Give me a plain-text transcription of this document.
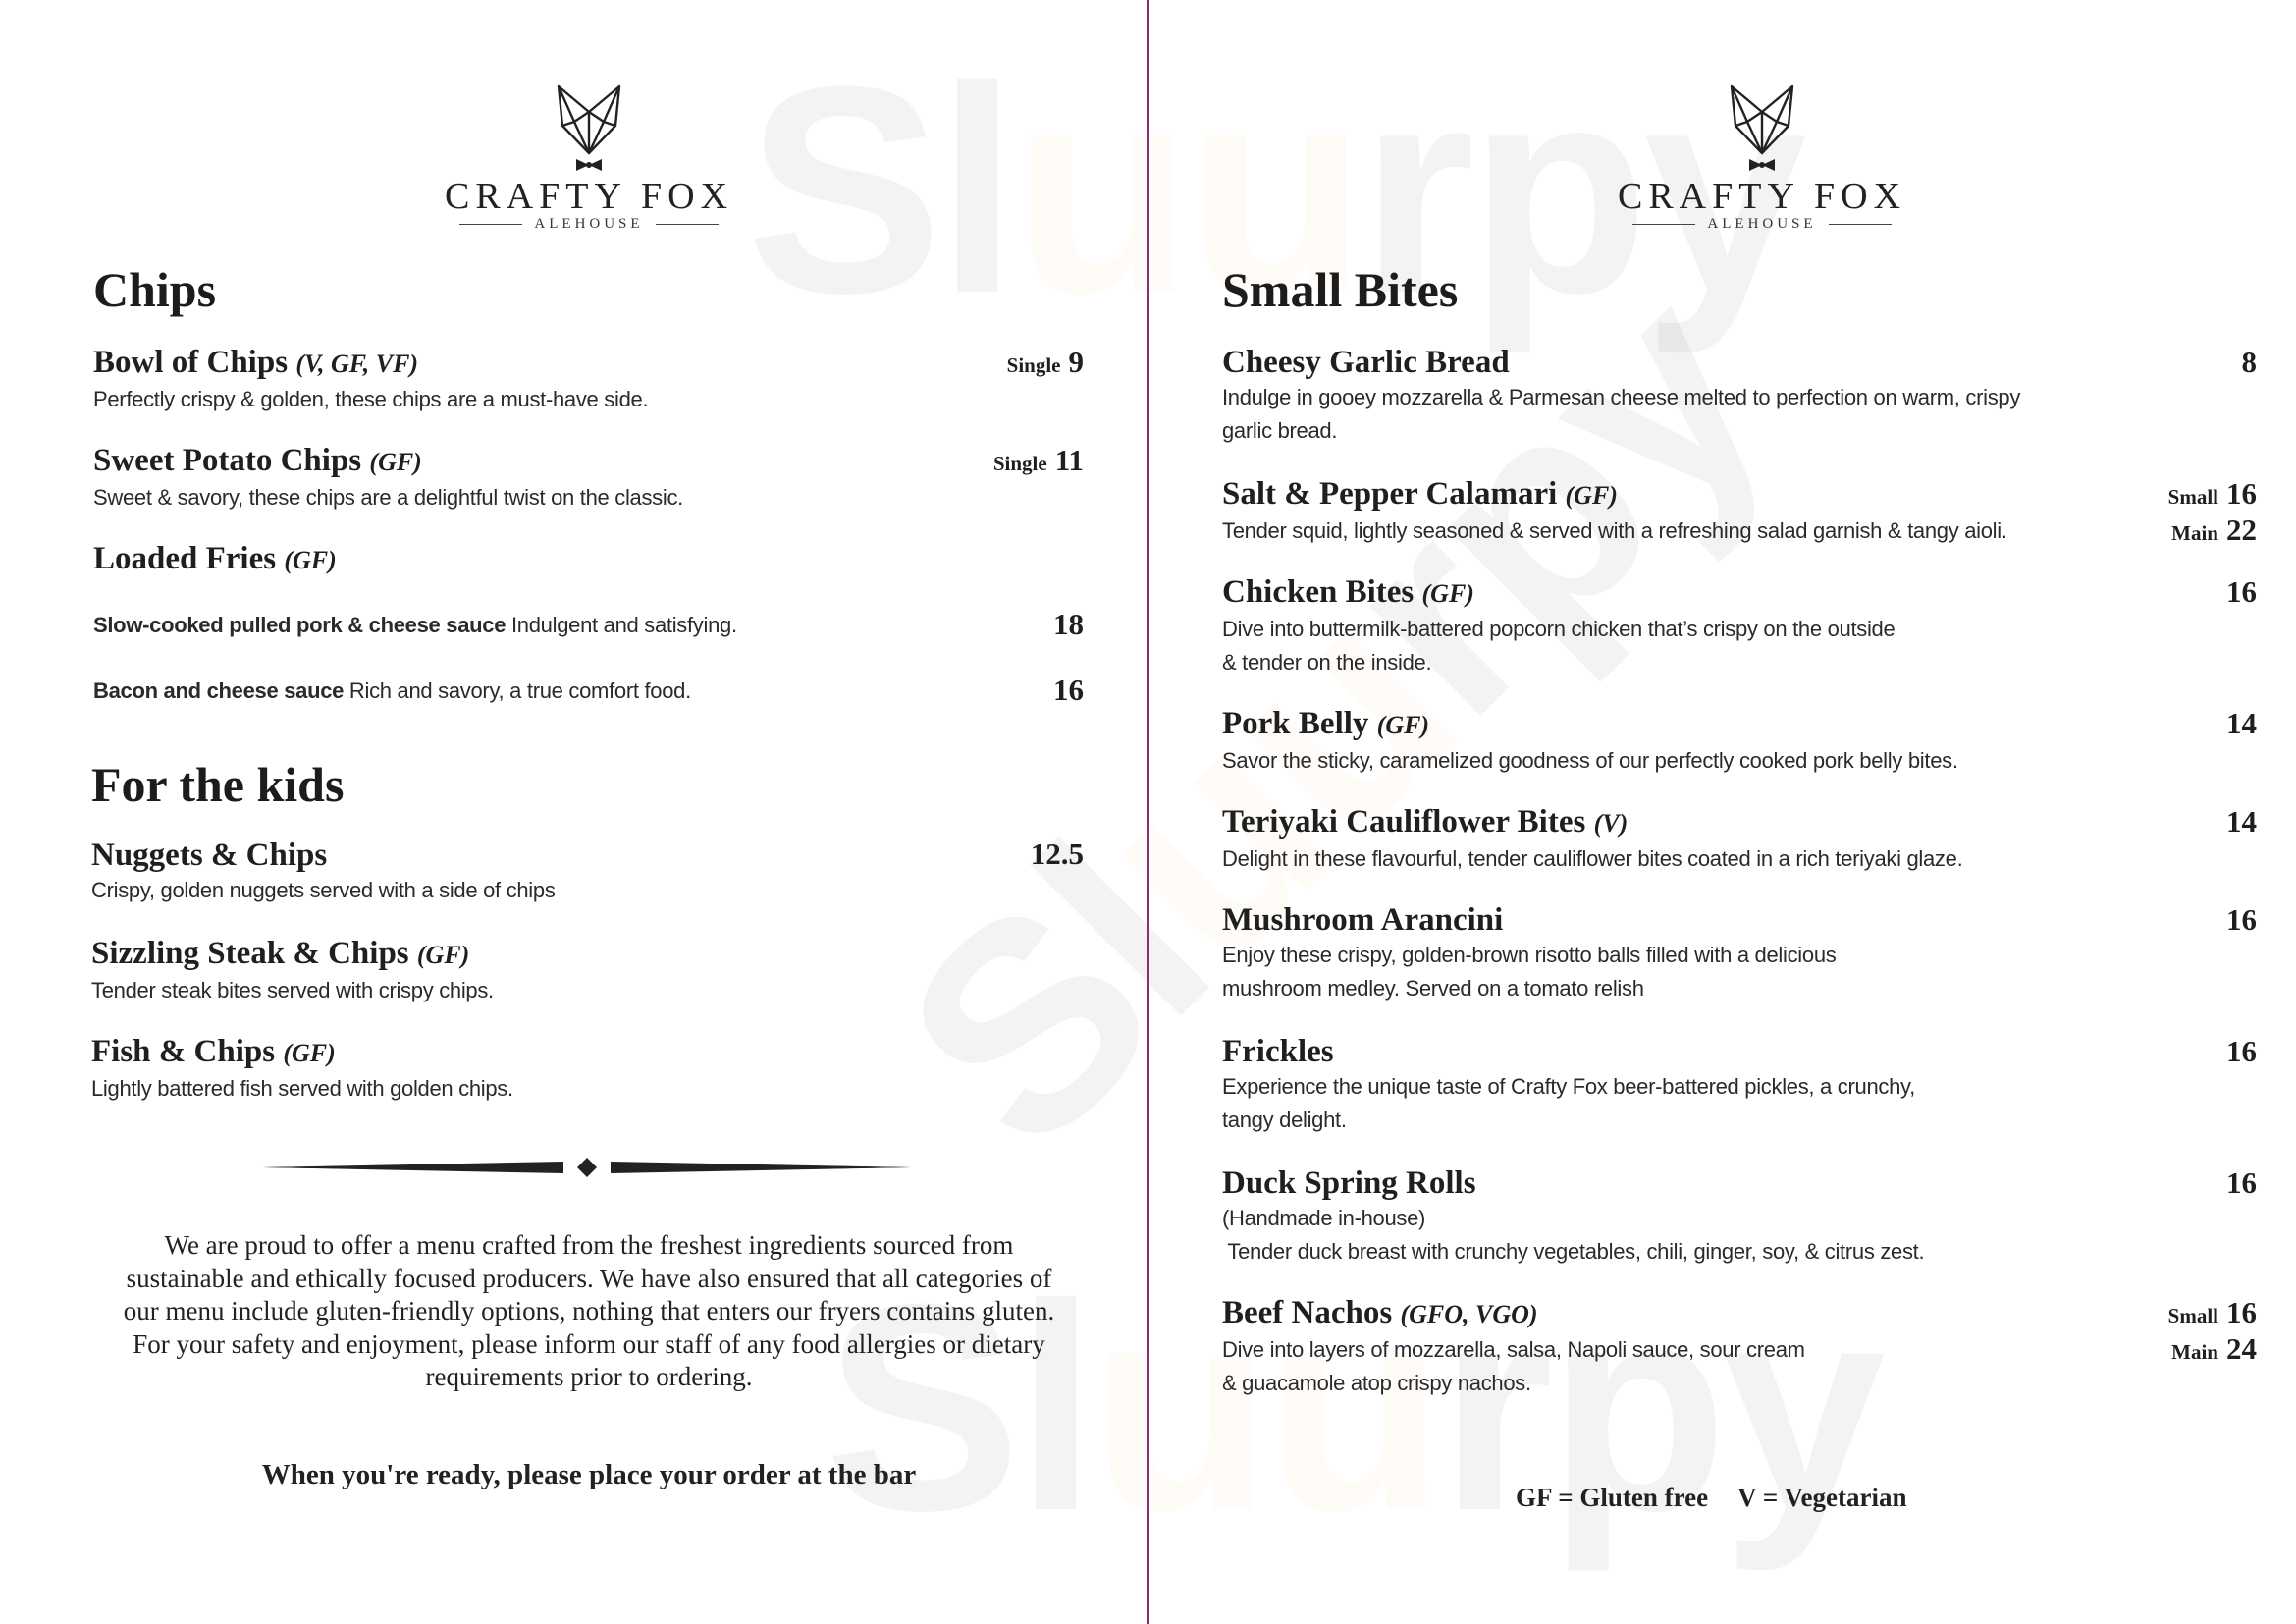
CRAFTY FOX
ALEHOUSE
Chips
Bowl of Chips (V, GF, VF)
Perfectly crispy & golden, these chips are a must-have side.
Single 9
Sweet Potato Chips (GF)
Sweet & savory, these chips are a delightful twist on the classic.
Single 11
Loaded Fries (GF)
Slow-cooked pulled pork & cheese sauce Indulgent and satisfying.	18
Bacon and cheese sauce Rich and savory, a true comfort food.	16
For the kids
Nuggets & Chips
Crispy, golden nuggets served with a side of chips
12.5
Sizzling Steak & Chips (GF)
Tender steak bites served with crispy chips.
Fish & Chips (GF)
Lightly battered fish served with golden chips.
We are proud to offer a menu crafted from the freshest ingredients sourced from sustainable and ethically focused producers. We have also ensured that all categories of our menu include gluten-friendly options, nothing that enters our fryers contains gluten. For your safety and enjoyment, please inform our staff of any food allergies or dietary requirements prior to ordering.
When you're ready, please place your order at the bar
CRAFTY FOX
ALEHOUSE
Small Bites
Cheesy Garlic Bread
Indulge in gooey mozzarella & Parmesan cheese melted to perfection on warm, crispy
garlic bread.
8
Salt & Pepper Calamari (GF)
Tender squid, lightly seasoned & served with a refreshing salad garnish & tangy aioli.
Small 16
Main 22
Chicken Bites (GF)
Dive into buttermilk-battered popcorn chicken that’s crispy on the outside
& tender on the inside.
16
Pork Belly (GF)
Savor the sticky, caramelized goodness of our perfectly cooked pork belly bites.
14
Teriyaki Cauliflower Bites (V)
Delight in these flavourful, tender cauliflower bites coated in a rich teriyaki glaze.
14
Mushroom Arancini
Enjoy these crispy, golden-brown risotto balls filled with a delicious
mushroom medley. Served on a tomato relish
16
Frickles
Experience the unique taste of Crafty Fox beer-battered pickles, a crunchy,
tangy delight.
16
Duck Spring Rolls
(Handmade in-house)
Tender duck breast with crunchy vegetables, chili, ginger, soy, & citrus zest.
16
Beef Nachos (GFO, VGO)
Dive into layers of mozzarella, salsa, Napoli sauce, sour cream
& guacamole atop crispy nachos.
Small 16
Main 24
GF = Gluten free V = Vegetarian
